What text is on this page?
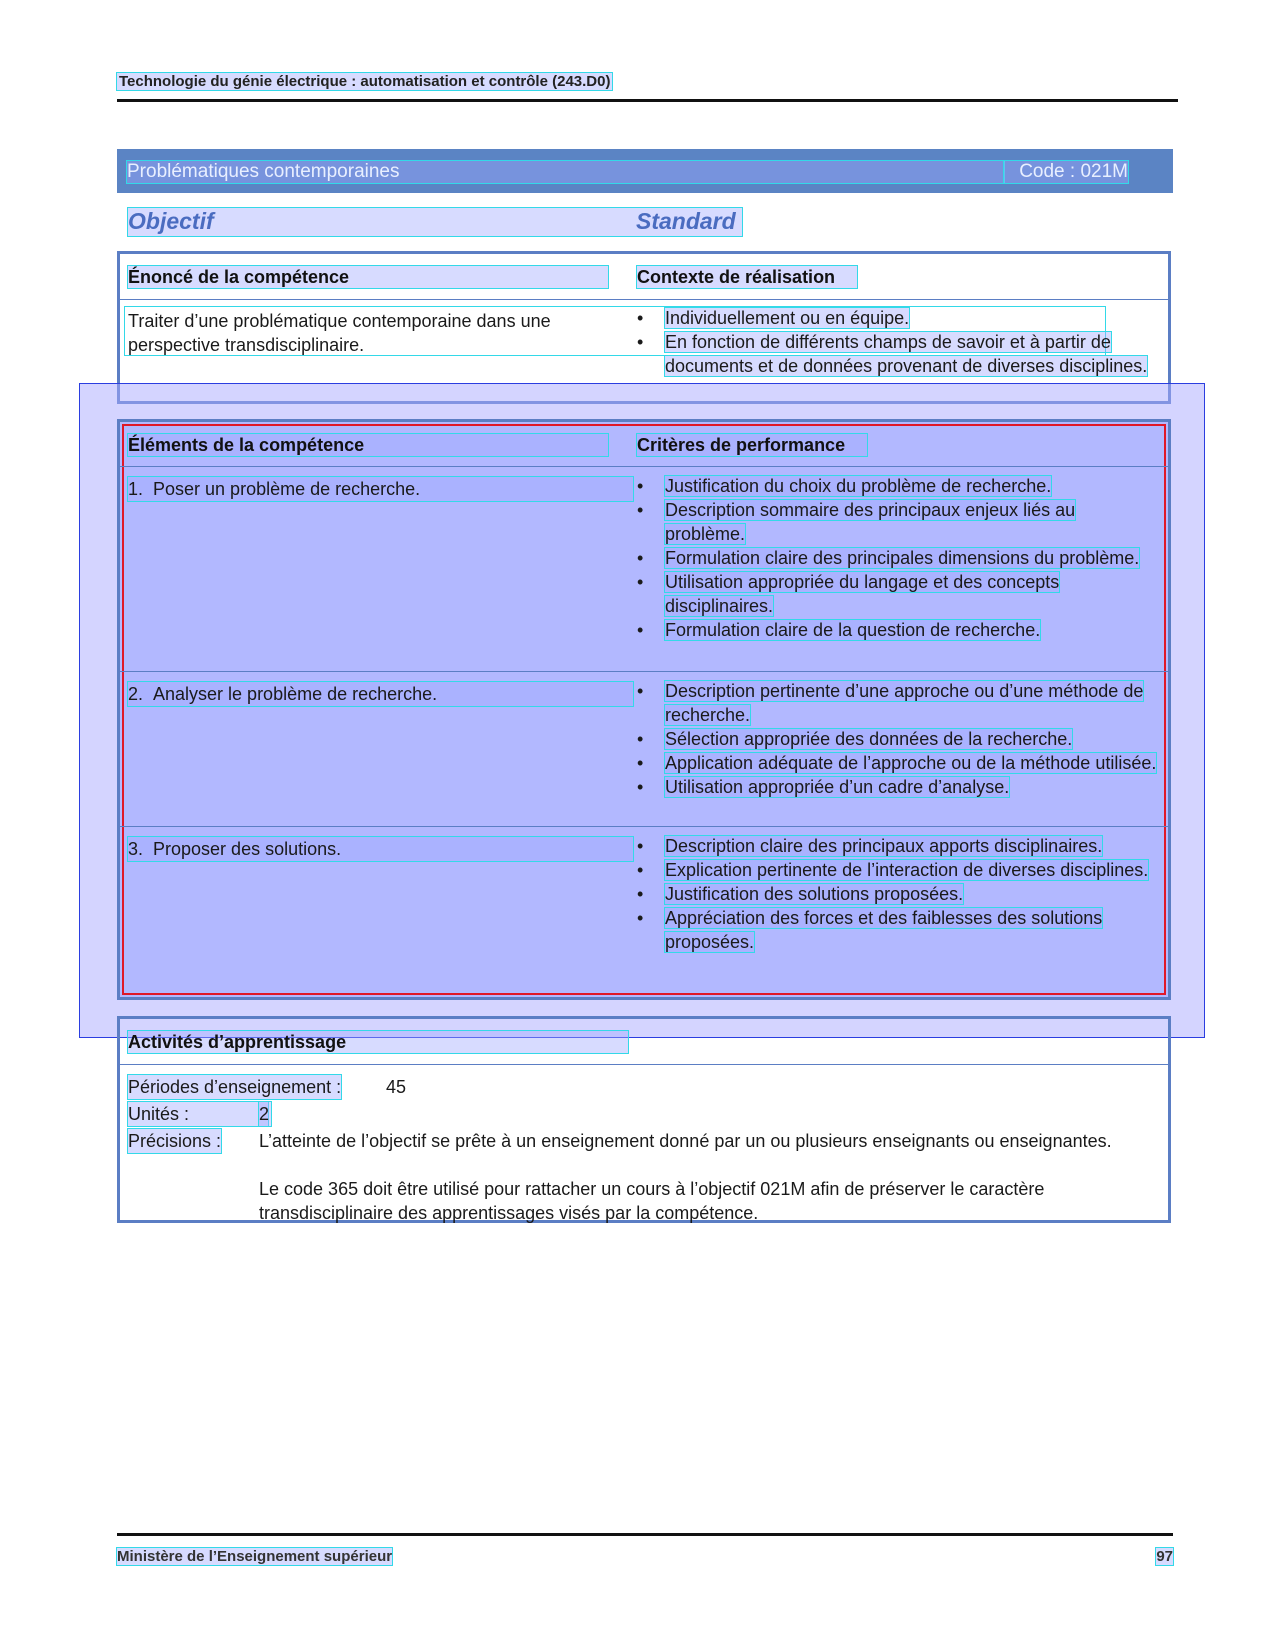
Technologie du génie électrique : automatisation et contrôle (243.D0)
Problématiques contemporaines	Code : 021M
Objectif	Standard
Énoncé de la compétence	Contexte de réalisation
Traiter d’une problématique contemporaine dans une perspective transdisciplinaire.
•	Individuellement ou en équipe.
•	En fonction de différents champs de savoir et à partir de documents et de données provenant de diverses disciplines.
Éléments de la compétence	Critères de performance
1.  Poser un problème de recherche.	•	Justification du choix du problème de recherche.
•	Description sommaire des principaux enjeux liés au problème.
•	Formulation claire des principales dimensions du problème.
•	Utilisation appropriée du langage et des concepts disciplinaires.
•	Formulation claire de la question de recherche.
2.  Analyser le problème de recherche.	•	Description pertinente d’une approche ou d’une méthode de recherche.
•	Sélection appropriée des données de la recherche.
•	Application adéquate de l’approche ou de la méthode utilisée.
•	Utilisation appropriée d’un cadre d’analyse.
3.  Proposer des solutions.	•	Description claire des principaux apports disciplinaires.
•	Explication pertinente de l’interaction de diverses disciplines.
•	Justification des solutions proposées.
•	Appréciation des forces et des faiblesses des solutions proposées.
Activités d’apprentissage
Périodes d’enseignement : 45
Unités :	2
Précisions : L’atteinte de l’objectif se prête à un enseignement donné par un ou plusieurs enseignants ou enseignantes.
Le code 365 doit être utilisé pour rattacher un cours à l’objectif 021M afin de préserver le caractère transdisciplinaire des apprentissages visés par la compétence.
Ministère de l’Enseignement supérieur	97
